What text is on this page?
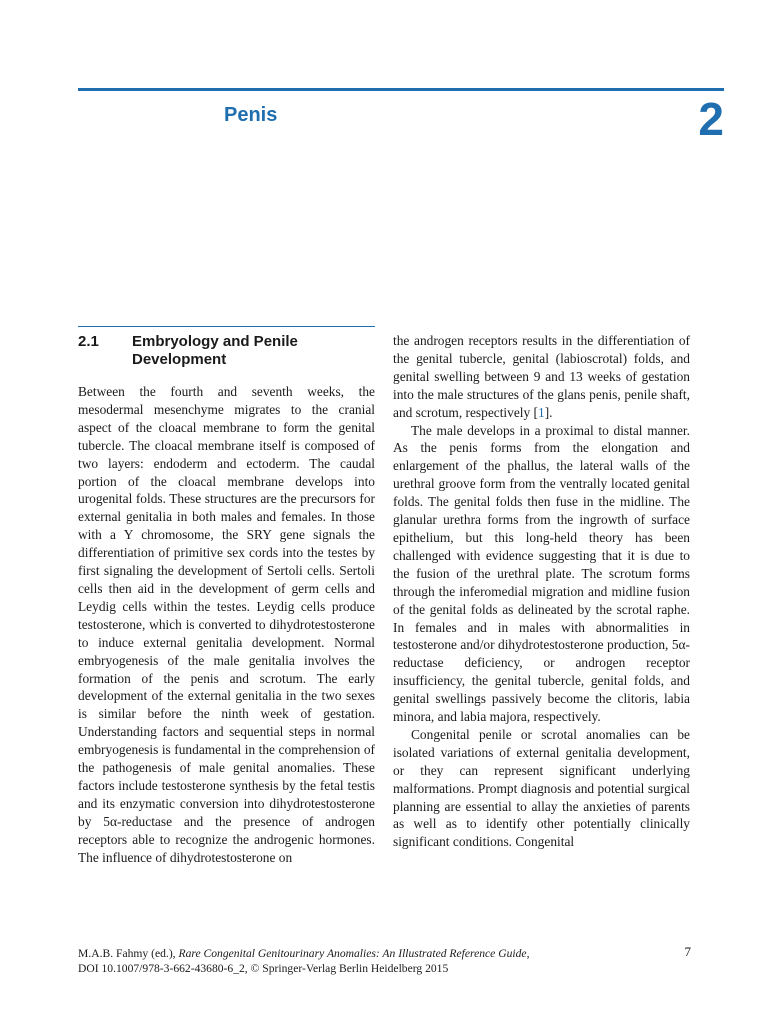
Penis	2
2.1	Embryology and Penile Development

Between the fourth and seventh weeks, the mesodermal mesenchyme migrates to the cranial aspect of the cloacal membrane to form the genital tubercle. The cloacal membrane itself is composed of two layers: endoderm and ectoderm. The caudal portion of the cloacal membrane develops into urogenital folds. These structures are the precursors for external genitalia in both males and females. In those with a Y chromosome, the SRY gene signals the differentiation of primitive sex cords into the testes by first signaling the development of Sertoli cells. Sertoli cells then aid in the development of germ cells and Leydig cells within the testes. Leydig cells produce testosterone, which is converted to dihydrotestosterone to induce external genitalia development. Normal embryogenesis of the male genitalia involves the formation of the penis and scrotum. The early development of the external genitalia in the two sexes is similar before the ninth week of gestation. Understanding factors and sequential steps in normal embryogenesis is fundamental in the comprehension of the pathogenesis of male genital anomalies. These factors include testosterone synthesis by the fetal testis and its enzymatic conversion into dihydrotestosterone by 5α-reductase and the presence of androgen receptors able to recognize the androgenic hormones. The influence of dihydrotestosterone on

the androgen receptors results in the differentiation of the genital tubercle, genital (labioscrotal) folds, and genital swelling between 9 and 13 weeks of gestation into the male structures of the glans penis, penile shaft, and scrotum, respectively [1].

The male develops in a proximal to distal manner. As the penis forms from the elongation and enlargement of the phallus, the lateral walls of the urethral groove form from the ventrally located genital folds. The genital folds then fuse in the midline. The glanular urethra forms from the ingrowth of surface epithelium, but this long-held theory has been challenged with evidence suggesting that it is due to the fusion of the urethral plate. The scrotum forms through the inferomedial migration and midline fusion of the genital folds as delineated by the scrotal raphe. In females and in males with abnormalities in testosterone and/or dihydrotestosterone production, 5α-reductase deficiency, or androgen receptor insufficiency, the genital tubercle, genital folds, and genital swellings passively become the clitoris, labia minora, and labia majora, respectively.

Congenital penile or scrotal anomalies can be isolated variations of external genitalia development, or they can represent significant underlying malformations. Prompt diagnosis and potential surgical planning are essential to allay the anxieties of parents as well as to identify other potentially clinically significant conditions. Congenital

M.A.B. Fahmy (ed.), Rare Congenital Genitourinary Anomalies: An Illustrated Reference Guide,
DOI 10.1007/978-3-662-43680-6_2, © Springer-Verlag Berlin Heidelberg 2015
7
